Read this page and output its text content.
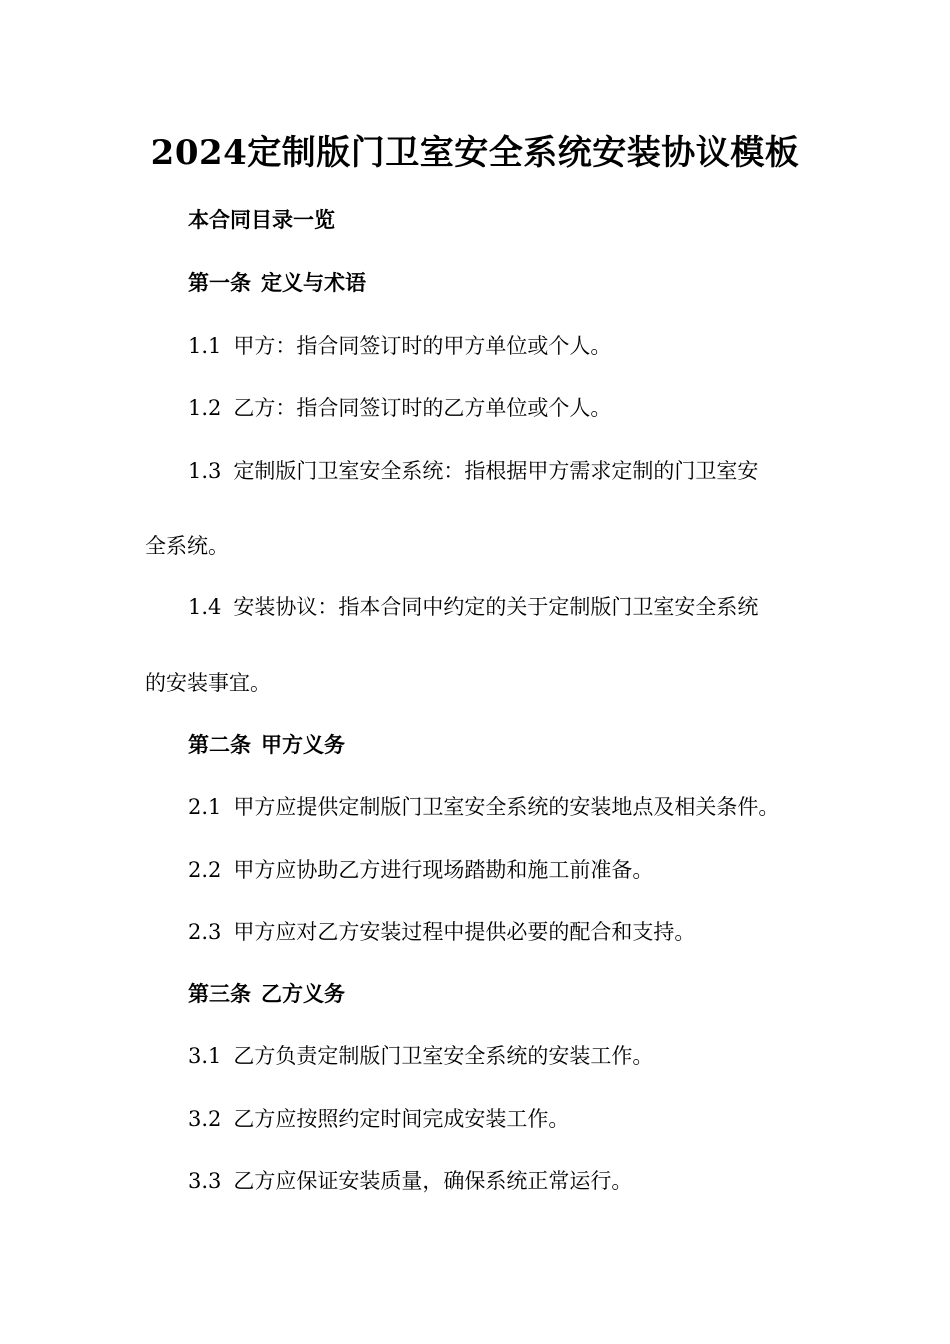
2024定制版门卫室安全系统安装协议模板
本合同目录一览
第一条 定义与术语
1.1 甲方：指合同签订时的甲方单位或个人。
1.2 乙方：指合同签订时的乙方单位或个人。
1.3 定制版门卫室安全系统：指根据甲方需求定制的门卫室安
全系统。
1.4 安装协议：指本合同中约定的关于定制版门卫室安全系统
的安装事宜。
第二条 甲方义务
2.1 甲方应提供定制版门卫室安全系统的安装地点及相关条件。
2.2 甲方应协助乙方进行现场踏勘和施工前准备。
2.3 甲方应对乙方安装过程中提供必要的配合和支持。
第三条 乙方义务
3.1 乙方负责定制版门卫室安全系统的安装工作。
3.2 乙方应按照约定时间完成安装工作。
3.3 乙方应保证安装质量，确保系统正常运行。
